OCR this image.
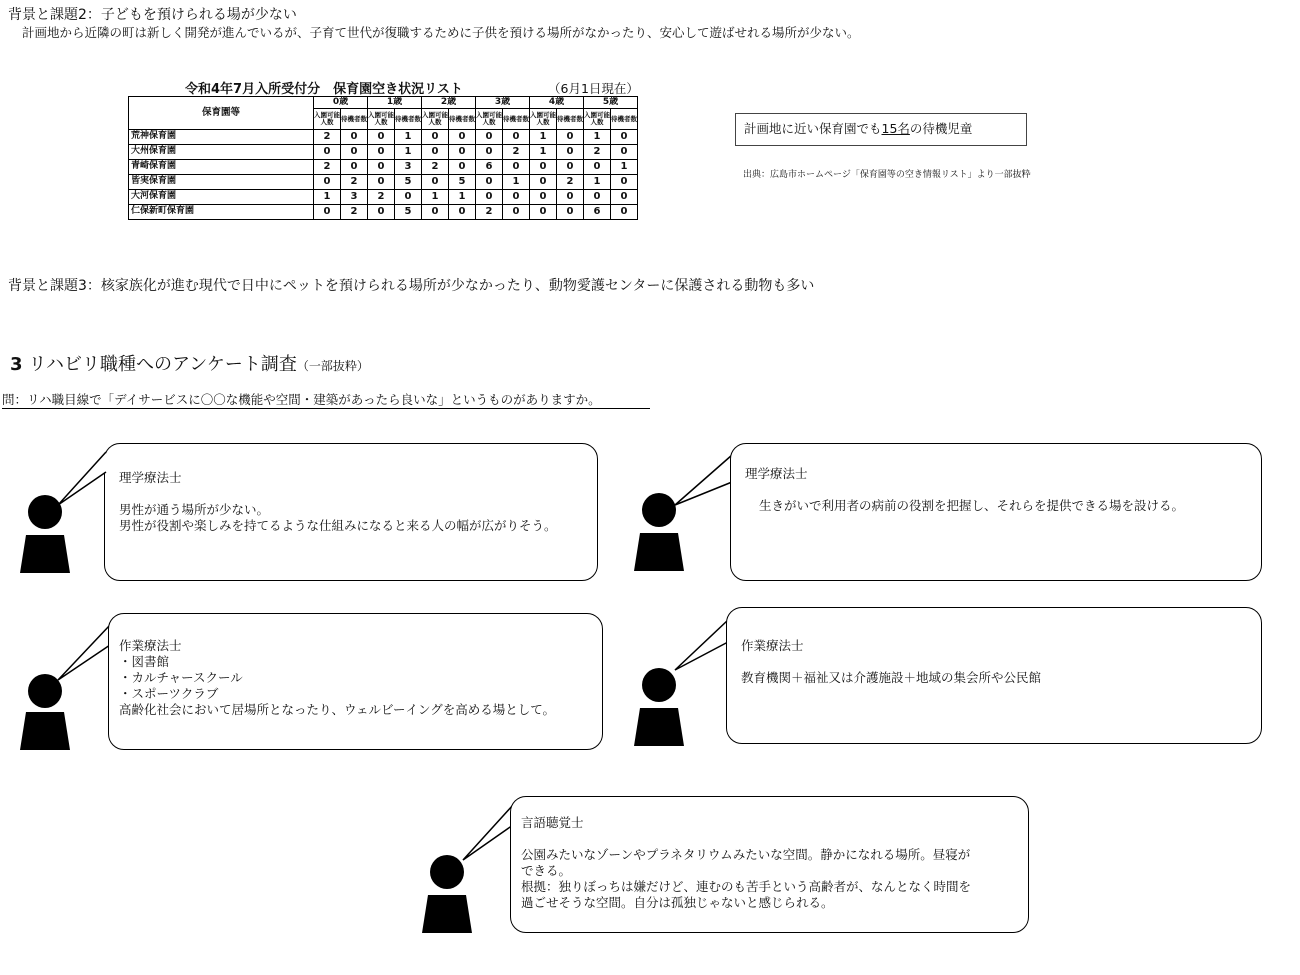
背景と課題2：子どもを預けられる場が少ない
計画地から近隣の町は新しく開発が進んでいるが、子育て世代が復職するために子供を預ける場所がなかったり、安心して遊ばせれる場所が少ない。
令和4年7月入所受付分　保育園空き状況リスト	（6月1日現在）
保育園等	0歳		1歳		2歳		3歳		4歳		5歳	
	入園可能人数	待機者数	入園可能人数	待機者数	入園可能人数	待機者数	入園可能人数	待機者数	入園可能人数	待機者数	入園可能人数	待機者数
荒神保育園	2	0	0	1	0	0	0	0	1	0	1	0
大州保育園	0	0	0	1	0	0	0	2	1	0	2	0
青崎保育園	2	0	0	3	2	0	6	0	0	0	0	1
皆実保育園	0	2	0	5	0	5	0	1	0	2	1	0
大河保育園	1	3	2	0	1	1	0	0	0	0	0	0
仁保新町保育園	0	2	0	5	0	0	2	0	0	0	6	0
計画地に近い保育園でも15名の待機児童
出典：広島市ホームページ「保育園等の空き情報リスト」より一部抜粋
背景と課題3：核家族化が進む現代で日中にペットを預けられる場所が少なかったり、動物愛護センターに保護される動物も多い
3 リハビリ職種へのアンケート調査（一部抜粋）
問：リハ職目線で「デイサービスに〇〇な機能や空間・建築があったら良いな」というものがありますか。
理学療法士
男性が通う場所が少ない。
男性が役割や楽しみを持てるような仕組みになると来る人の幅が広がりそう。
理学療法士
生きがいで利用者の病前の役割を把握し、それらを提供できる場を設ける。
作業療法士
・図書館
・カルチャースクール
・スポーツクラブ
高齢化社会において居場所となったり、ウェルビーイングを高める場として。
作業療法士
教育機関＋福祉又は介護施設＋地域の集会所や公民館
言語聴覚士
公園みたいなゾーンやプラネタリウムみたいな空間。静かになれる場所。昼寝が
できる。
根拠：独りぼっちは嫌だけど、連むのも苦手という高齢者が、なんとなく時間を
過ごせそうな空間。自分は孤独じゃないと感じられる。
